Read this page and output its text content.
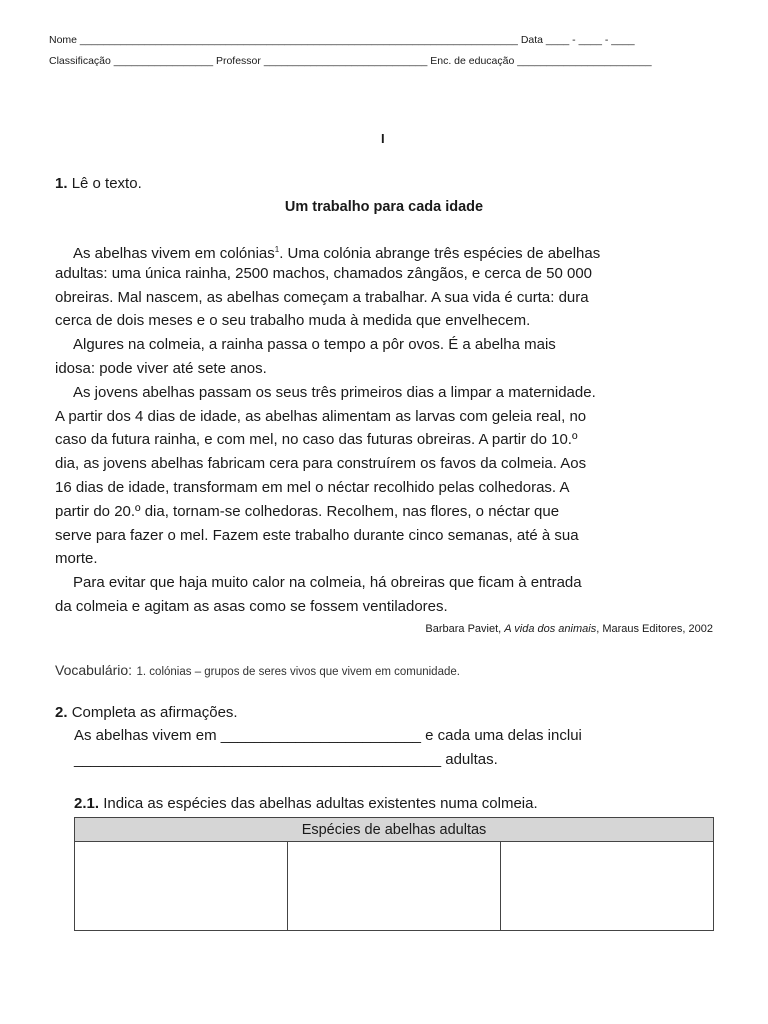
Nome ___________________________________________________________________________ Data ____ - ____ - ____
Classificação _________________ Professor ____________________________ Enc. de educação _______________________
I
1. Lê o texto.
Um trabalho para cada idade
As abelhas vivem em colónias$^1$. Uma colónia abrange três espécies de abelhas
adultas: uma única rainha, 2500 machos, chamados zângãos, e cerca de 50 000
obreiras. Mal nascem, as abelhas começam a trabalhar. A sua vida é curta: dura
cerca de dois meses e o seu trabalho muda à medida que envelhecem.
Algures na colmeia, a rainha passa o tempo a pôr ovos. É a abelha mais
idosa: pode viver até sete anos.
As jovens abelhas passam os seus três primeiros dias a limpar a maternidade.
A partir dos 4 dias de idade, as abelhas alimentam as larvas com geleia real, no
caso da futura rainha, e com mel, no caso das futuras obreiras. A partir do 10.º
dia, as jovens abelhas fabricam cera para construírem os favos da colmeia. Aos
16 dias de idade, transformam em mel o néctar recolhido pelas colhedoras. A
partir do 20.º dia, tornam-se colhedoras. Recolhem, nas flores, o néctar que
serve para fazer o mel. Fazem este trabalho durante cinco semanas, até à sua
morte.
Para evitar que haja muito calor na colmeia, há obreiras que ficam à entrada
da colmeia e agitam as asas como se fossem ventiladores.
Barbara Paviet, A vida dos animais, Maraus Editores, 2002
Vocabulário: 1. colónias – grupos de seres vivos que vivem em comunidade.
2. Completa as afirmações.
As abelhas vivem em ________________________ e cada uma delas inclui
____________________________________________ adultas.
2.1. Indica as espécies das abelhas adultas existentes numa colmeia.
Espécies de abelhas adultas
